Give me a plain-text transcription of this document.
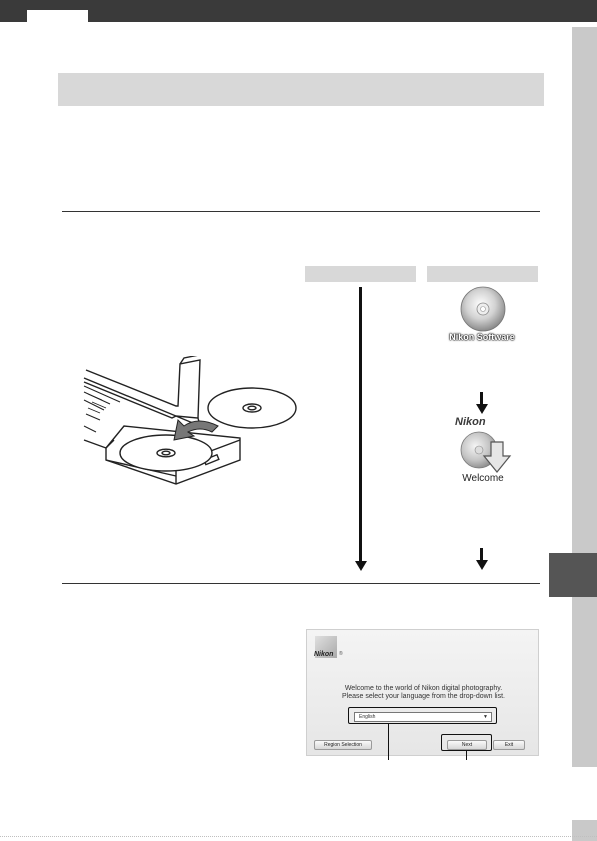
Nikon Software
Nikon
Welcome
Nikon ®
Welcome to the world of Nikon digital photography.
Please select your language from the drop-down list.
English	▼
Region Selection	Next	Exit
